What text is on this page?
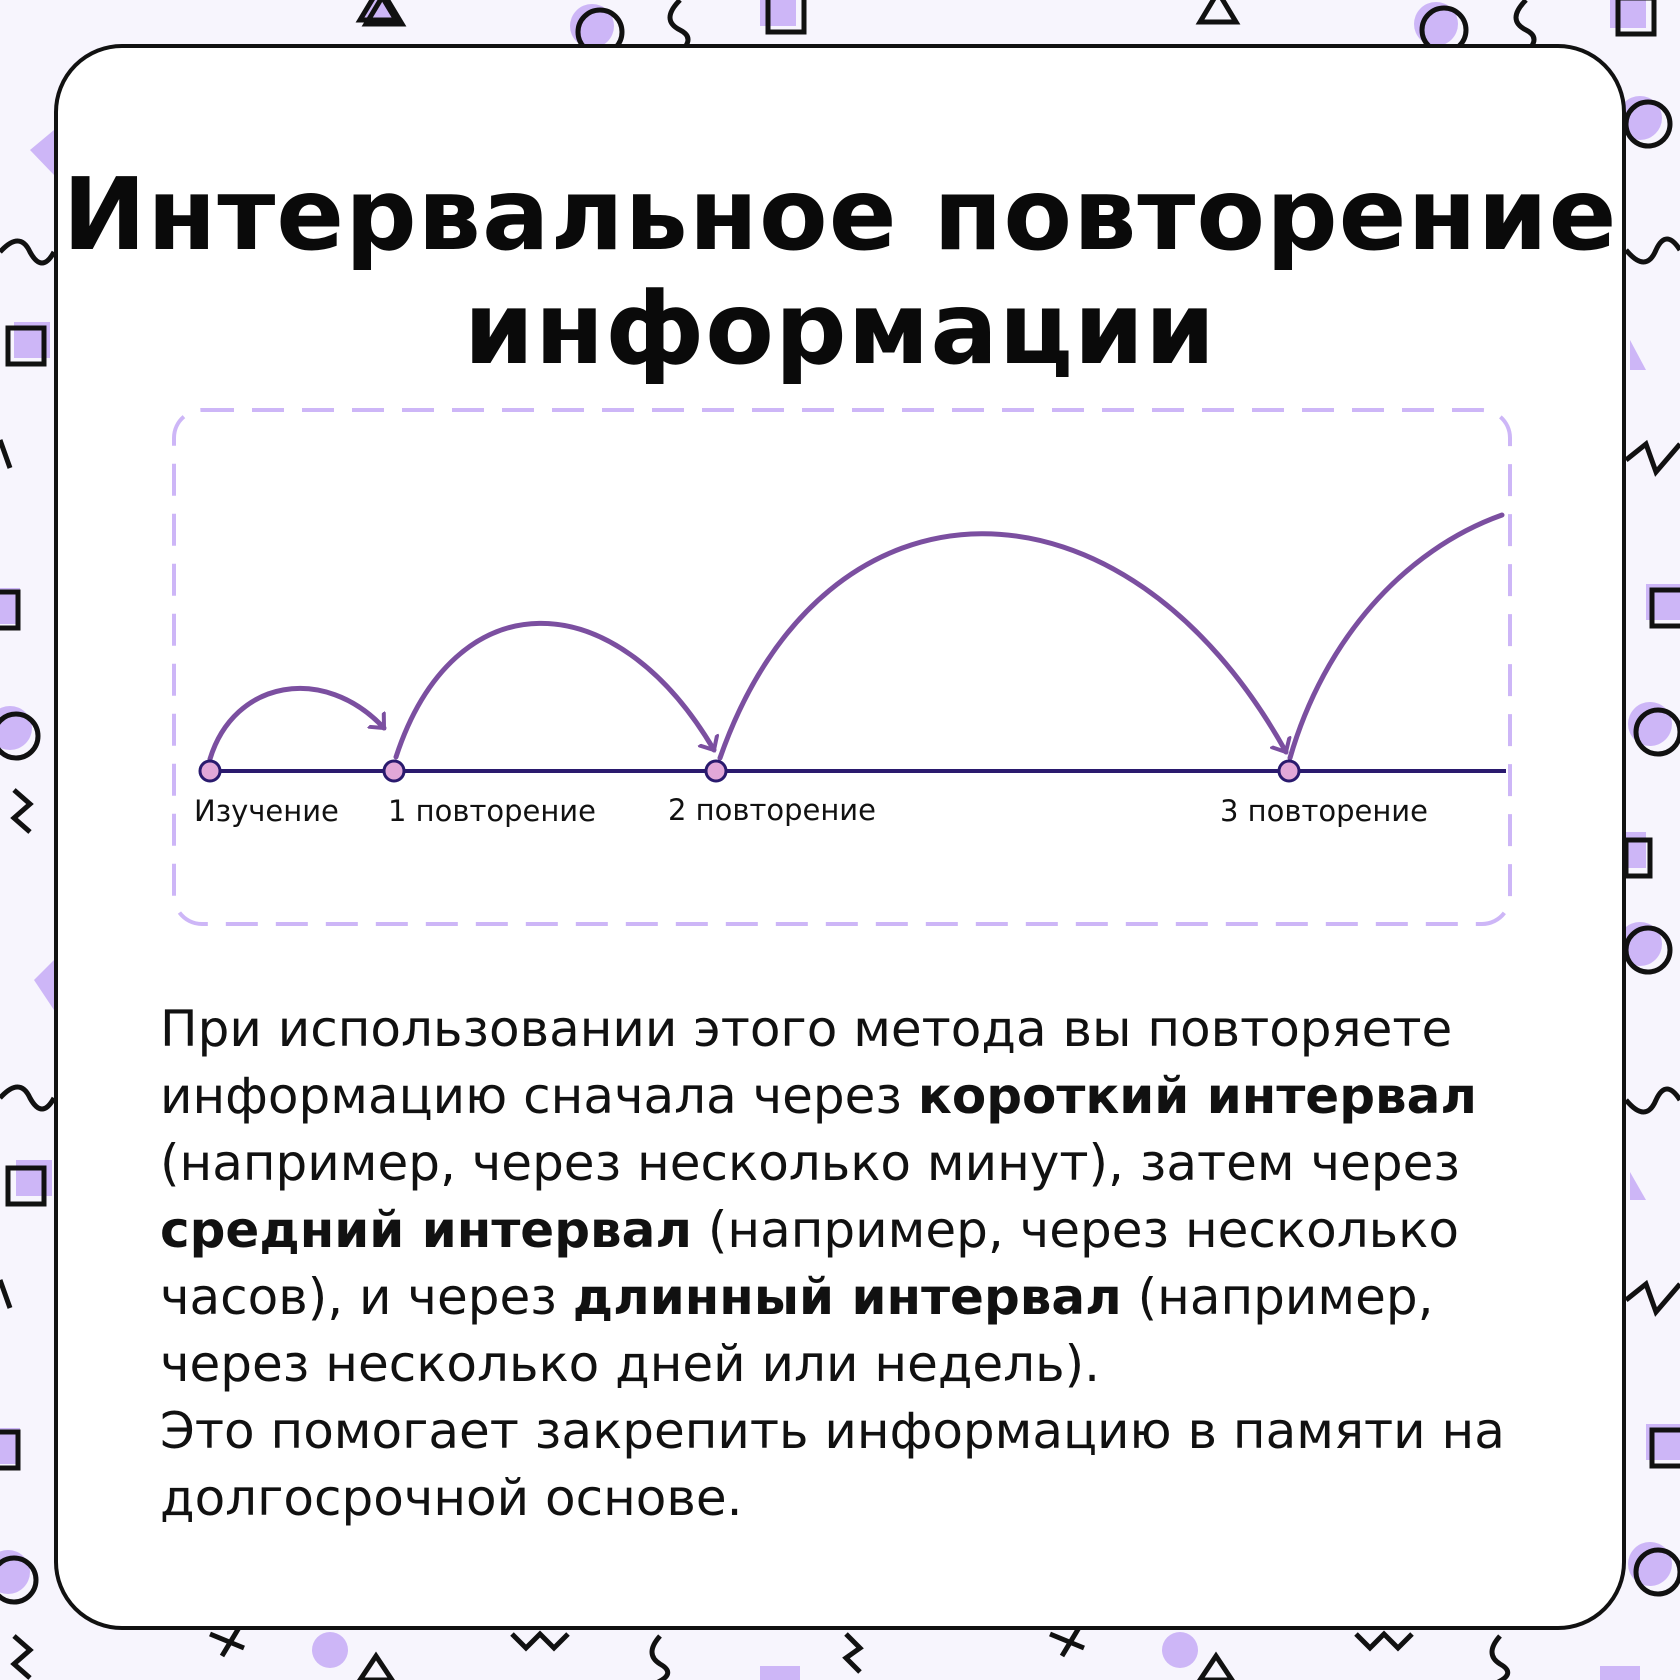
Интервальное повторение
информации
Изучение 1 повторение 2 повторение	3 повторение

При использовании этого метода вы повторяете информацию сначала через короткий интервал (например, через несколько минут), затем через средний интервал (например, через несколько часов), и через длинный интервал (например, через несколько дней или недель).
Это помогает закрепить информацию в памяти на долгосрочной основе.
